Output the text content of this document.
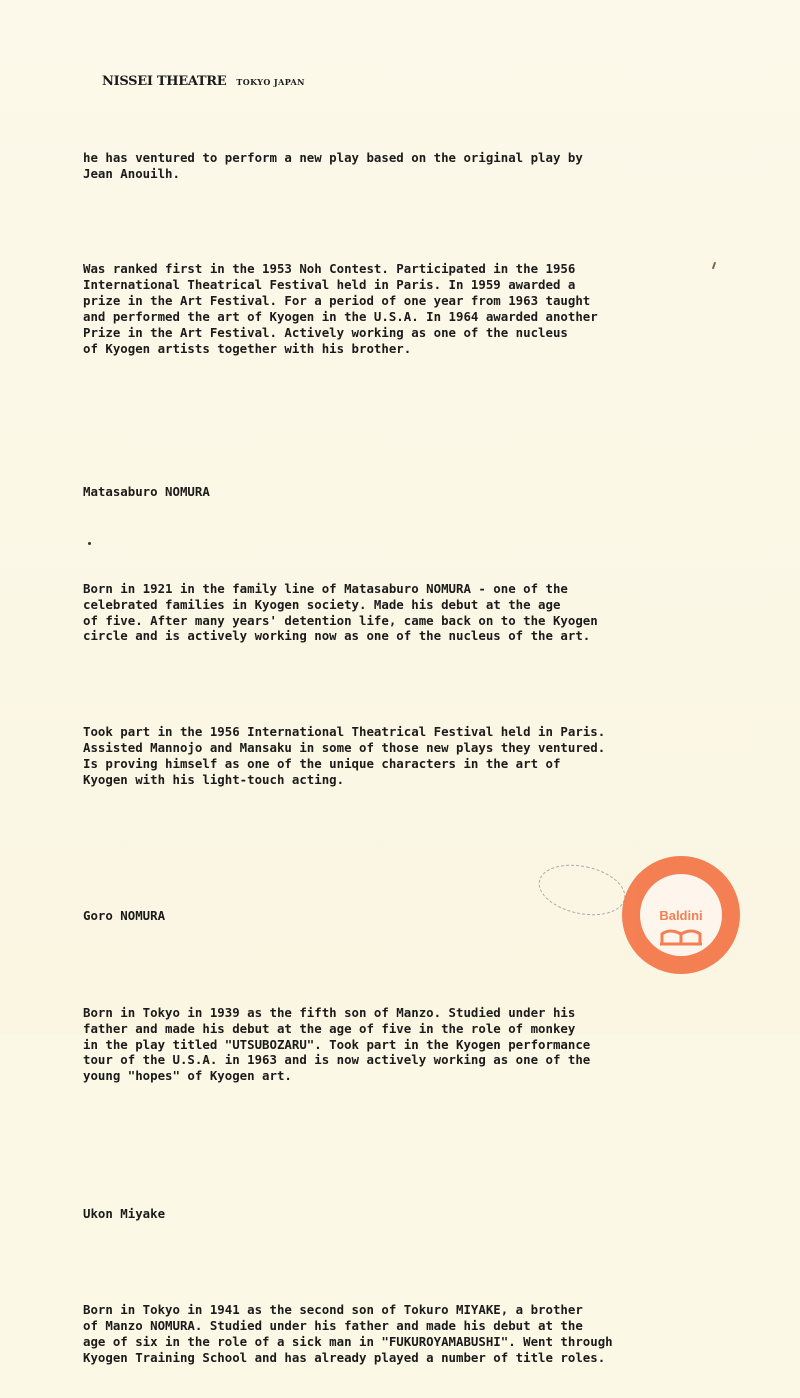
NISSEI THEATRE TOKYO JAPAN

he has ventured to perform a new play based on the original play by
Jean Anouilh.

Was ranked first in the 1953 Noh Contest. Participated in the 1956
International Theatrical Festival held in Paris. In 1959 awarded a
prize in the Art Festival. For a period of one year from 1963 taught
and performed the art of Kyogen in the U.S.A. In 1964 awarded another
Prize in the Art Festival. Actively working as one of the nucleus
of Kyogen artists together with his brother.

Matasaburo NOMURA

Born in 1921 in the family line of Matasaburo NOMURA - one of the
celebrated families in Kyogen society. Made his debut at the age
of five. After many years' detention life, came back on to the Kyogen
circle and is actively working now as one of the nucleus of the art.

Took part in the 1956 International Theatrical Festival held in Paris.
Assisted Mannojo and Mansaku in some of those new plays they ventured.
Is proving himself as one of the unique characters in the art of
Kyogen with his light-touch acting.

Goro NOMURA

Born in Tokyo in 1939 as the fifth son of Manzo. Studied under his
father and made his debut at the age of five in the role of monkey
in the play titled "UTSUBOZARU". Took part in the Kyogen performance
tour of the U.S.A. in 1963 and is now actively working as one of the
young "hopes" of Kyogen art.

Ukon Miyake

Born in Tokyo in 1941 as the second son of Tokuro MIYAKE, a brother
of Manzo NOMURA. Studied under his father and made his debut at the
age of six in the role of a sick man in "FUKUROYAMABUSHI". Went through
Kyogen Training School and has already played a number of title roles.

Baldini
